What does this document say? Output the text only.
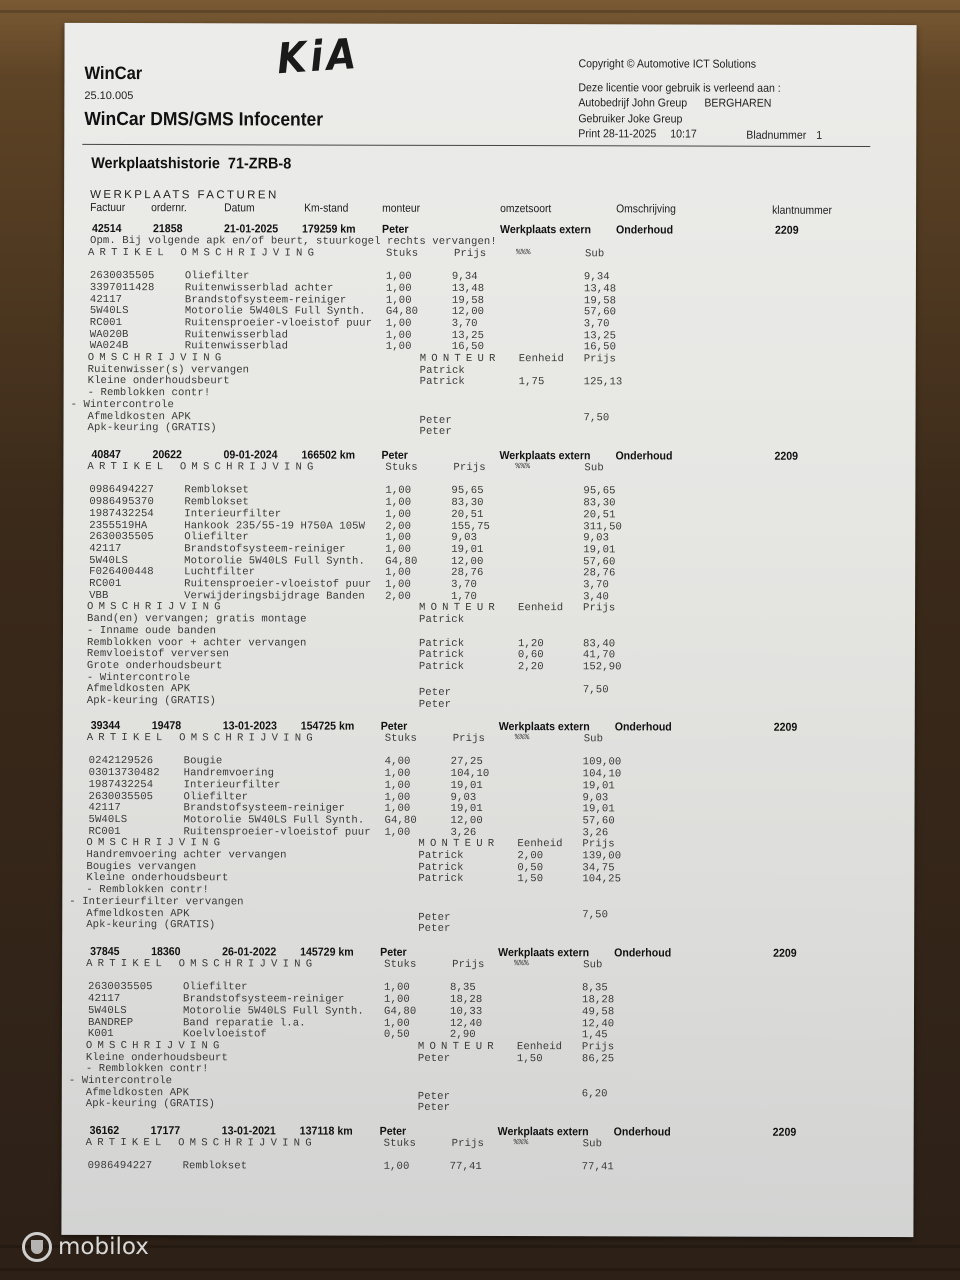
WinCar
25.10.005
WinCar DMS/GMS Infocenter
KiA	Copyright © Automotive ICT Solutions
Deze licentie voor gebruik is verleend aan :
Autobedrijf John Greup BERGHAREN
Gebruiker Joke Greup
Print 28-11-2025 10:17	Bladnummer 1
Werkplaatshistorie  71-ZRB-8
WERKPLAATS FACTUREN
Factuur ordernr.	Datum	Km-stand	monteur	omzetsoort	Omschrijving	klantnummer
42514	21858	21-01-2025 179259 km Peter	Werkplaats extern Onderhoud	2209
Opm. Bij volgende apk en/of beurt, stuurkogel rechts vervangen!
ARTIKEL OMSCHRIJVING	Stuks	Prijs	%%%	Sub
2630035505	Oliefilter	1,00	9,34	9,34
3397011428	Ruitenwisserblad achter	1,00	13,48	13,48
42117	Brandstofsysteem-reiniger	1,00	19,58	19,58
5W40LS	Motorolie 5W40LS Full Synth. G4,80	12,00	57,60
RC001	Ruitensproeier-vloeistof puur 1,00	3,70	3,70
WA020B	Ruitenwisserblad	1,00	13,25	13,25
WA024B	Ruitenwisserblad	1,00	16,50	16,50
OMSCHRIJVING	MONTEUR Eenheid Prijs
Ruitenwisser(s) vervangen	Patrick
Kleine onderhoudsbeurt	Patrick	1,75	125,13
- Remblokken contr!
- Wintercontrole
Afmeldkosten APK	Peter	7,50
Apk-keuring (GRATIS)	Peter
40847	20622	09-01-2024 166502 km Peter	Werkplaats extern Onderhoud	2209
ARTIKEL OMSCHRIJVING	Stuks	Prijs	%%%	Sub
0986494227	Remblokset	1,00	95,65	95,65
0986495370	Remblokset	1,00	83,30	83,30
1987432254	Interieurfilter	1,00	20,51	20,51
2355519HA	Hankook 235/55-19 H750A 105W 2,00	155,75	311,50
2630035505	Oliefilter	1,00	9,03	9,03
42117	Brandstofsysteem-reiniger	1,00	19,01	19,01
5W40LS	Motorolie 5W40LS Full Synth. G4,80	12,00	57,60
F026400448	Luchtfilter	1,00	28,76	28,76
RC001	Ruitensproeier-vloeistof puur 1,00	3,70	3,70
VBB	Verwijderingsbijdrage Banden 2,00	1,70	3,40
OMSCHRIJVING	MONTEUR Eenheid Prijs
Band(en) vervangen; gratis montage	Patrick
- Inname oude banden
Remblokken voor + achter vervangen	Patrick	1,20	83,40
Remvloeistof verversen	Patrick	0,60	41,70
Grote onderhoudsbeurt	Patrick	2,20	152,90
- Wintercontrole
Afmeldkosten APK	Peter	7,50
Apk-keuring (GRATIS)	Peter
39344	19478	13-01-2023 154725 km Peter	Werkplaats extern Onderhoud	2209
ARTIKEL OMSCHRIJVING	Stuks	Prijs	%%%	Sub
0242129526	Bougie	4,00	27,25	109,00
03013730482 Handremvoering	1,00	104,10	104,10
1987432254	Interieurfilter	1,00	19,01	19,01
2630035505	Oliefilter	1,00	9,03	9,03
42117	Brandstofsysteem-reiniger	1,00	19,01	19,01
5W40LS	Motorolie 5W40LS Full Synth. G4,80	12,00	57,60
RC001	Ruitensproeier-vloeistof puur 1,00	3,26	3,26
OMSCHRIJVING	MONTEUR Eenheid Prijs
Handremvoering achter vervangen	Patrick	2,00	139,00
Bougies vervangen	Patrick	0,50	34,75
Kleine onderhoudsbeurt	Patrick	1,50	104,25
- Remblokken contr!
- Interieurfilter vervangen
Afmeldkosten APK	Peter	7,50
Apk-keuring (GRATIS)	Peter
37845	18360	26-01-2022 145729 km Peter	Werkplaats extern Onderhoud	2209
ARTIKEL OMSCHRIJVING	Stuks	Prijs	%%%	Sub
2630035505	Oliefilter	1,00	8,35	8,35
42117	Brandstofsysteem-reiniger	1,00	18,28	18,28
5W40LS	Motorolie 5W40LS Full Synth. G4,80	10,33	49,58
BANDREP	Band reparatie l.a.	1,00	12,40	12,40
K001	Koelvloeistof	0,50	2,90	1,45
OMSCHRIJVING	MONTEUR Eenheid Prijs
Kleine onderhoudsbeurt	Peter	1,50	86,25
- Remblokken contr!
- Wintercontrole
Afmeldkosten APK	Peter	6,20
Apk-keuring (GRATIS)	Peter
36162	17177	13-01-2021 137118 km Peter	Werkplaats extern Onderhoud	2209
ARTIKEL OMSCHRIJVING	Stuks	Prijs	%%%	Sub
0986494227	Remblokset	1,00	77,41	77,41
mobilox
